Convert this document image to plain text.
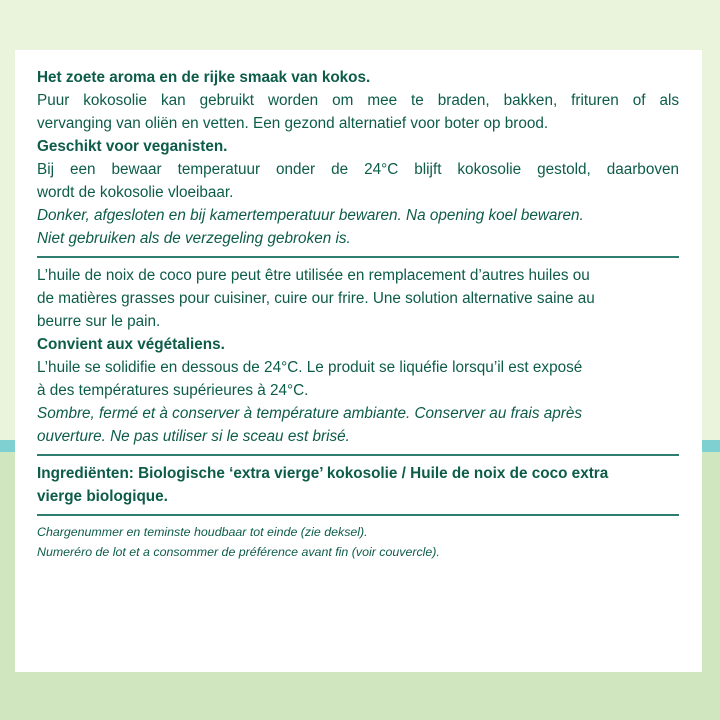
Het zoete aroma en de rijke smaak van kokos.
Puur kokosolie kan gebruikt worden om mee te braden, bakken, frituren of als
vervanging van oliën en vetten. Een gezond alternatief voor boter op brood.
Geschikt voor veganisten.
Bij een bewaar temperatuur onder de 24°C blijft kokosolie gestold, daarboven
wordt de kokosolie vloeibaar.
Donker, afgesloten en bij kamertemperatuur bewaren. Na opening koel bewaren.
Niet gebruiken als de verzegeling gebroken is.
L’huile de noix de coco pure peut être utilisée en remplacement d’autres huiles ou
de matières grasses pour cuisiner, cuire our frire. Une solution alternative saine au
beurre sur le pain.
Convient aux végétaliens.
L’huile se solidifie en dessous de 24°C. Le produit se liquéfie lorsqu’il est exposé
à des températures supérieures à 24°C.
Sombre, fermé et à conserver à température ambiante. Conserver au frais après
ouverture. Ne pas utiliser si le sceau est brisé.
Ingrediënten: Biologische ‘extra vierge’ kokosolie / Huile de noix de coco extra
vierge biologique.
Chargenummer en teminste houdbaar tot einde (zie deksel).
Numeréro de lot et a consommer de préférence avant fin (voir couvercle).
